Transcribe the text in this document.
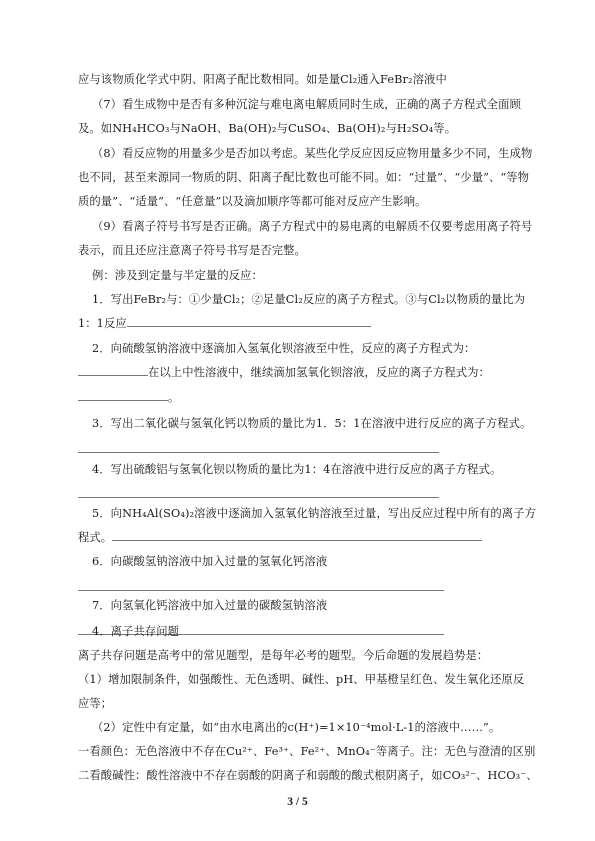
应与该物质化学式中阴、阳离子配比数相同。如是量Cl₂通入FeBr₂溶液中
（7）看生成物中是否有多种沉淀与难电离电解质同时生成，正确的离子方程式全面顾
及。如NH₄HCO₃与NaOH、Ba(OH)₂与CuSO₄、Ba(OH)₂与H₂SO₄等。
（8）看反应物的用量多少是否加以考虑。某些化学反应因反应物用量多少不同，生成物
也不同，甚至来源同一物质的阴、阳离子配比数也可能不同。如：“过量”、“少量”、“等物
质的量”、“适量”、“任意量”以及滴加顺序等都可能对反应产生影响。
（9）看离子符号书写是否正确。离子方程式中的易电离的电解质不仅要考虑用离子符号
表示，而且还应注意离子符号书写是否完整。
例：涉及到定量与半定量的反应：
1．写出FeBr₂与：①少量Cl₂；②足量Cl₂反应的离子方程式。③与Cl₂以物质的量比为
1：1反应
2．向硫酸氢钠溶液中逐滴加入氢氧化钡溶液至中性，反应的离子方程式为：
在以上中性溶液中，继续滴加氢氧化钡溶液，反应的离子方程式为：
。
3．写出二氧化碳与氢氧化钙以物质的量比为1．5：1在溶液中进行反应的离子方程式。
4．写出硫酸铝与氢氧化钡以物质的量比为1：4在溶液中进行反应的离子方程式。
5．向NH₄Al(SO₄)₂溶液中逐滴加入氢氧化钠溶液至过量，写出反应过程中所有的离子方
程式。
6．向碳酸氢钠溶液中加入过量的氢氧化钙溶液
7．向氢氧化钙溶液中加入过量的碳酸氢钠溶液
4．离子共存问题
离子共存问题是高考中的常见题型，是每年必考的题型。今后命题的发展趋势是：
（1）增加限制条件，如强酸性、无色透明、碱性、pH、甲基橙呈红色、发生氧化还原反
应等；
（2）定性中有定量，如“由水电离出的c(H⁺)=1×10⁻⁴mol·L-1的溶液中……”。
一看颜色：无色溶液中不存在Cu²⁺、Fe³⁺、Fe²⁺、MnO₄⁻等离子。注：无色与澄清的区别
3 / 5
二看酸碱性：酸性溶液中不存在弱酸的阴离子和弱酸的酸式根阴离子，如CO₃²⁻、HCO₃⁻、
